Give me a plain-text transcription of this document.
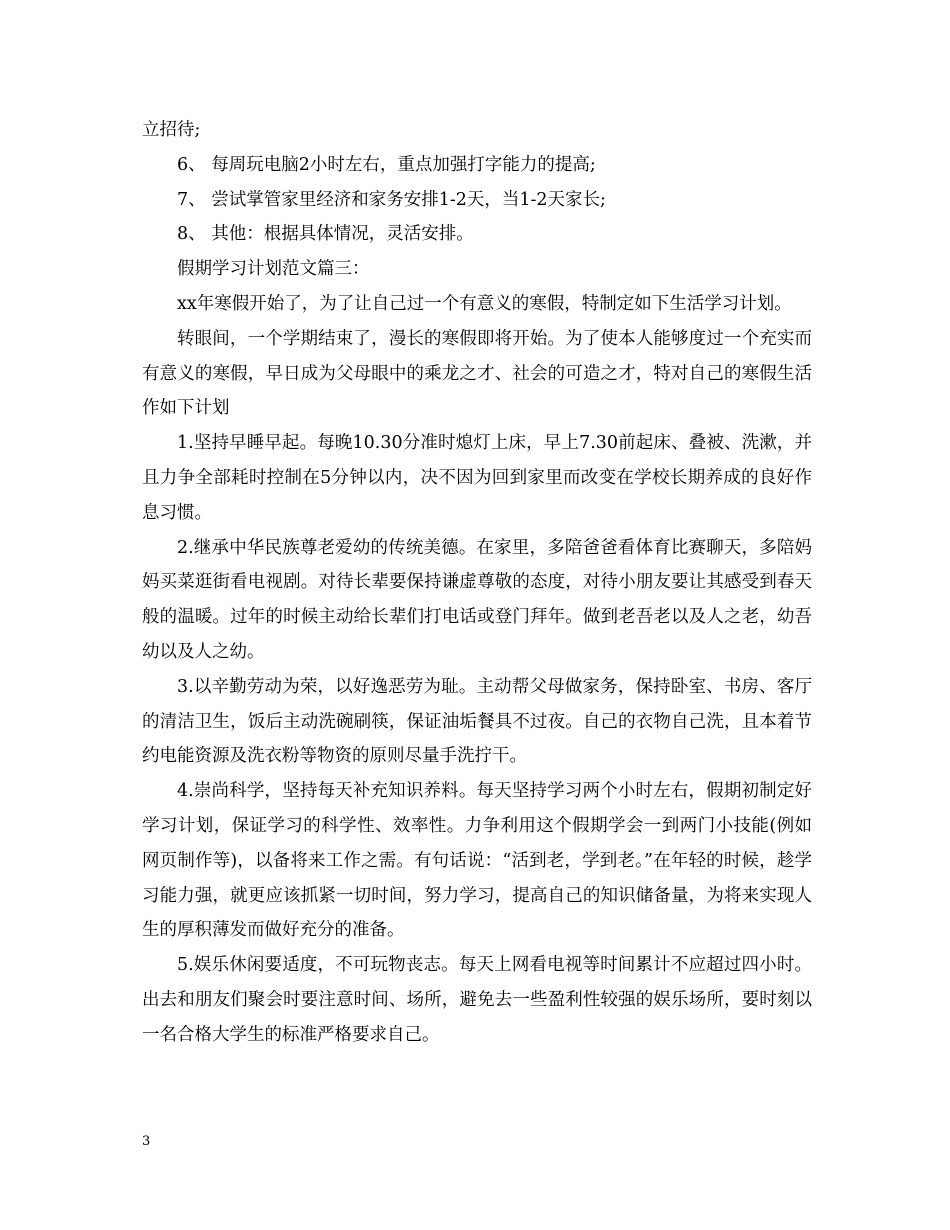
立招待;

6、 每周玩电脑2小时左右，重点加强打字能力的提高;

7、 尝试掌管家里经济和家务安排1-2天，当1-2天家长;

8、 其他：根据具体情况，灵活安排。

假期学习计划范文篇三：

xx年寒假开始了，为了让自己过一个有意义的寒假，特制定如下生活学习计划。

转眼间，一个学期结束了，漫长的寒假即将开始。为了使本人能够度过一个充实而有意义的寒假，早日成为父母眼中的乘龙之才、社会的可造之才，特对自己的寒假生活作如下计划

1.坚持早睡早起。每晚10.30分准时熄灯上床，早上7.30前起床、叠被、洗漱，并且力争全部耗时控制在5分钟以内，决不因为回到家里而改变在学校长期养成的良好作息习惯。

2.继承中华民族尊老爱幼的传统美德。在家里，多陪爸爸看体育比赛聊天，多陪妈妈买菜逛街看电视剧。对待长辈要保持谦虚尊敬的态度，对待小朋友要让其感受到春天般的温暖。过年的时候主动给长辈们打电话或登门拜年。做到老吾老以及人之老，幼吾幼以及人之幼。

3.以辛勤劳动为荣，以好逸恶劳为耻。主动帮父母做家务，保持卧室、书房、客厅的清洁卫生，饭后主动洗碗刷筷，保证油垢餐具不过夜。自己的衣物自己洗，且本着节约电能资源及洗衣粉等物资的原则尽量手洗拧干。

4.崇尚科学，坚持每天补充知识养料。每天坚持学习两个小时左右，假期初制定好学习计划，保证学习的科学性、效率性。力争利用这个假期学会一到两门小技能(例如网页制作等)，以备将来工作之需。有句话说：“活到老，学到老。”在年轻的时候，趁学习能力强，就更应该抓紧一切时间，努力学习，提高自己的知识储备量，为将来实现人生的厚积薄发而做好充分的准备。

5.娱乐休闲要适度，不可玩物丧志。每天上网看电视等时间累计不应超过四小时。出去和朋友们聚会时要注意时间、场所，避免去一些盈利性较强的娱乐场所，要时刻以一名合格大学生的标准严格要求自己。

3
